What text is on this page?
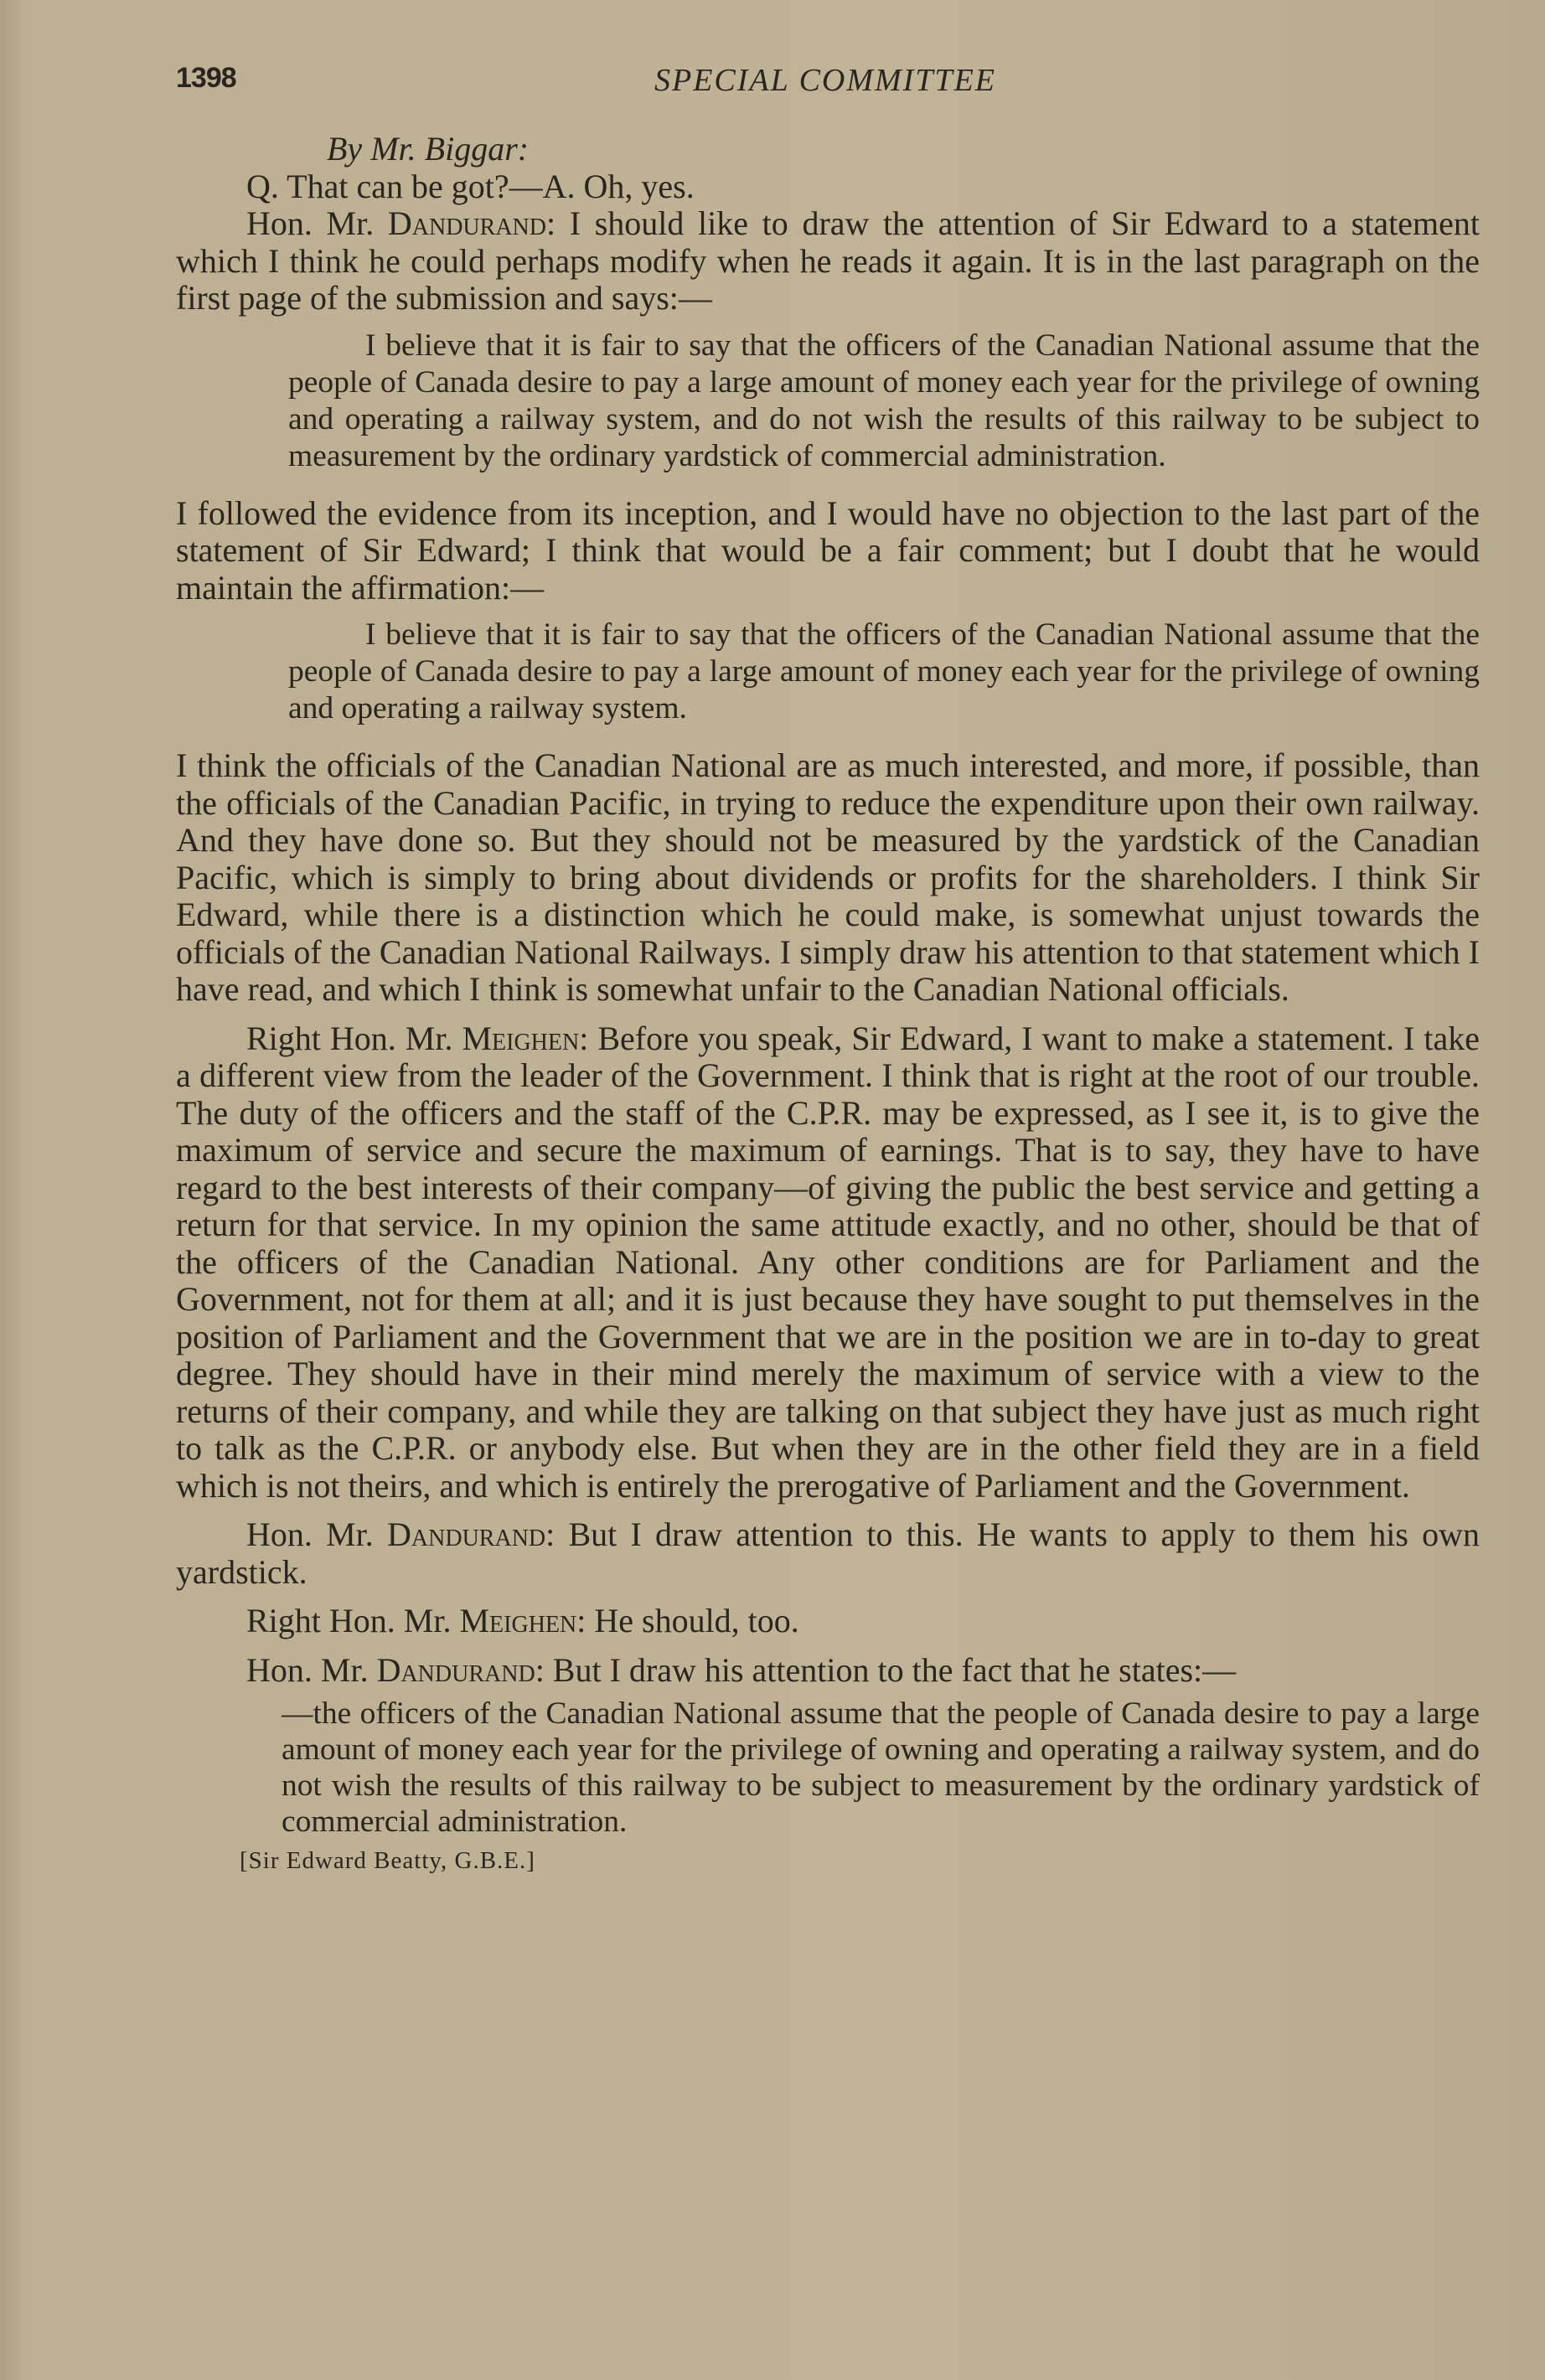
1398	SPECIAL COMMITTEE

By Mr. Biggar:

Q. That can be got?—A. Oh, yes.

Hon. Mr. Dandurand: I should like to draw the attention of Sir Edward to a statement which I think he could perhaps modify when he reads it again. It is in the last paragraph on the first page of the submission and says:—

I believe that it is fair to say that the officers of the Canadian National assume that the people of Canada desire to pay a large amount of money each year for the privilege of owning and operating a railway system, and do not wish the results of this railway to be subject to measurement by the ordinary yardstick of commercial administration.

I followed the evidence from its inception, and I would have no objection to the last part of the statement of Sir Edward; I think that would be a fair comment; but I doubt that he would maintain the affirmation:—

I believe that it is fair to say that the officers of the Canadian National assume that the people of Canada desire to pay a large amount of money each year for the privilege of owning and operating a railway system.

I think the officials of the Canadian National are as much interested, and more, if possible, than the officials of the Canadian Pacific, in trying to reduce the expenditure upon their own railway. And they have done so. But they should not be measured by the yardstick of the Canadian Pacific, which is simply to bring about dividends or profits for the shareholders. I think Sir Edward, while there is a distinction which he could make, is somewhat unjust towards the officials of the Canadian National Railways. I simply draw his attention to that statement which I have read, and which I think is somewhat unfair to the Canadian National officials.

Right Hon. Mr. Meighen: Before you speak, Sir Edward, I want to make a statement. I take a different view from the leader of the Government. I think that is right at the root of our trouble. The duty of the officers and the staff of the C.P.R. may be expressed, as I see it, is to give the maximum of service and secure the maximum of earnings. That is to say, they have to have regard to the best interests of their company—of giving the public the best service and getting a return for that service. In my opinion the same attitude exactly, and no other, should be that of the officers of the Canadian National. Any other conditions are for Parliament and the Government, not for them at all; and it is just because they have sought to put themselves in the position of Parliament and the Government that we are in the position we are in to-day to great degree. They should have in their mind merely the maximum of service with a view to the returns of their company, and while they are talking on that subject they have just as much right to talk as the C.P.R. or anybody else. But when they are in the other field they are in a field which is not theirs, and which is entirely the prerogative of Parliament and the Government.

Hon. Mr. Dandurand: But I draw attention to this. He wants to apply to them his own yardstick.

Right Hon. Mr. Meighen: He should, too.

Hon. Mr. Dandurand: But I draw his attention to the fact that he states:—

—the officers of the Canadian National assume that the people of Canada desire to pay a large amount of money each year for the privilege of owning and operating a railway system, and do not wish the results of this railway to be subject to measurement by the ordinary yardstick of commercial administration.

[Sir Edward Beatty, G.B.E.]
